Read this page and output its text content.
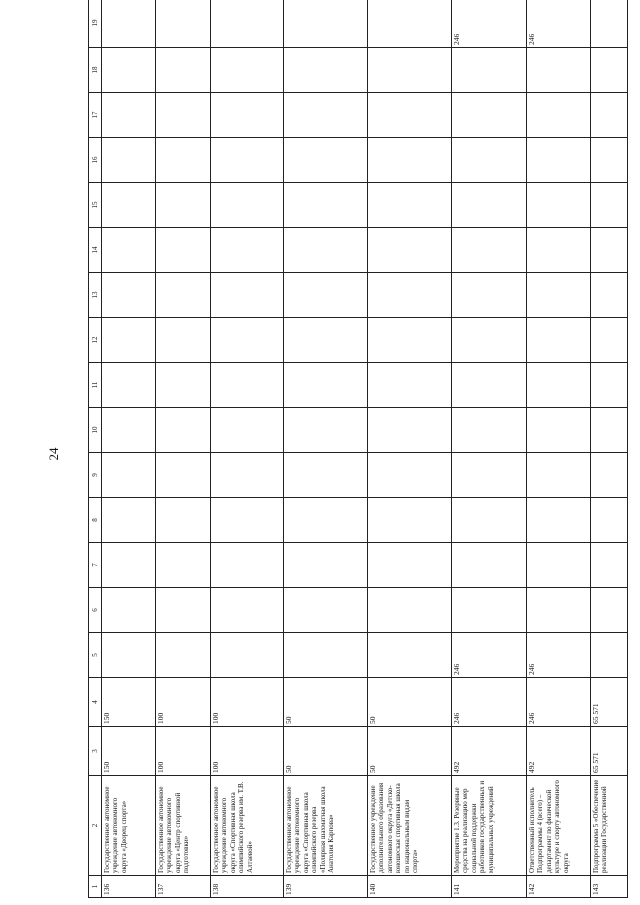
24
1	2	3	4	5	6	7	8	9	10	11	12	13	14	15	16	17	18	19
136	Государственное автономное учреждение автономного округа «Дворец спорта»	150	150															
137	Государственное автономное учреждение автономного округа «Центр спортивной подготовки»	100	100															
138	Государственное автономное учреждение автономного округа «Спортивная школа олимпийского резерва им. Т.В. Алтаевой»	100	100															
139	Государственное автономное учреждение автономного округа «Спортивная школа олимпийского резерва «Полярная шахматная школа Анатолия Карпова»	50	50															
140	Государственное учреждение дополнительного образования автономного округа «Детско-юношеская спортивная школа по национальным видам спорта»	50	50															
141	Мероприятие 1.3. Резервные средства на реализацию мер социальной поддержки работников государственных и муниципальных учреждений	492	246	246														246
142	Ответственный исполнитель Подпрограммы 4 (всего) – департамент по физической культуре и спорту автономного округа	492	246	246														246
143	Подпрограмма 5 «Обеспечение реализации Государственной	65 571	65 571															
